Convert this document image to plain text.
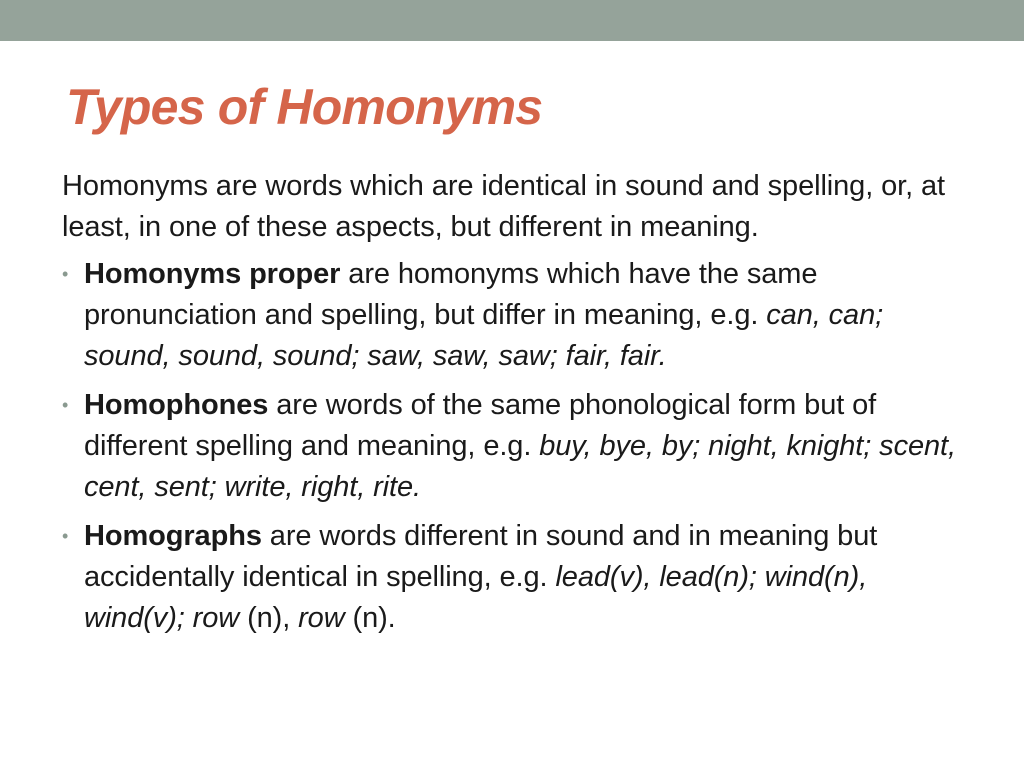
Types of Homonyms

Homonyms are words which are identical in sound and spelling, or, at least, in one of these aspects, but different in meaning.

• Homonyms proper are homonyms which have the same pronunciation and spelling, but differ in meaning, e.g. can, can; sound, sound, sound; saw, saw, saw; fair, fair.
• Homophones are words of the same phonological form but of different spelling and meaning, e.g. buy, bye, by; night, knight; scent, cent, sent; write, right, rite.
• Homographs are words different in sound and in meaning but accidentally identical in spelling, e.g. lead(v), lead(n); wind(n), wind(v); row (n), row (n).
